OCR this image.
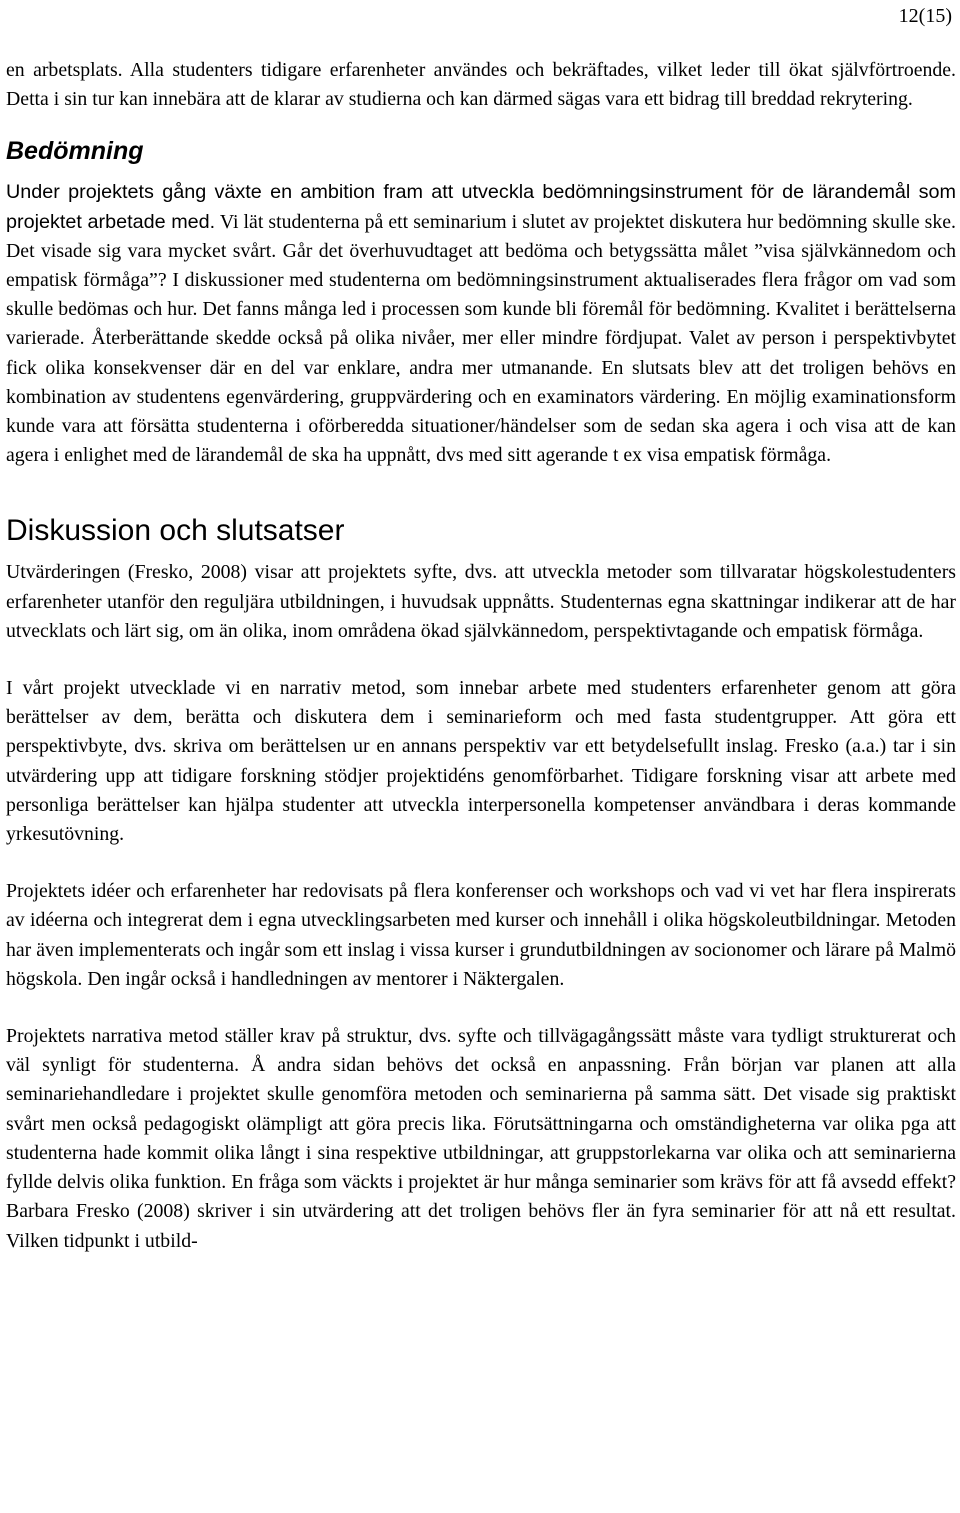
12(15)

en arbetsplats. Alla studenters tidigare erfarenheter användes och bekräftades, vilket leder till ökat självförtroende. Detta i sin tur kan innebära att de klarar av studierna och kan därmed sägas vara ett bidrag till breddad rekrytering.

Bedömning

Under projektets gång växte en ambition fram att utveckla bedömningsinstrument för de lärandemål som projektet arbetade med. Vi lät studenterna på ett seminarium i slutet av projektet diskutera hur bedömning skulle ske. Det visade sig vara mycket svårt. Går det överhuvudtaget att bedöma och betygssätta målet ”visa självkännedom och empatisk förmåga”? I diskussioner med studenterna om bedömningsinstrument aktualiserades flera frågor om vad som skulle bedömas och hur. Det fanns många led i processen som kunde bli föremål för bedömning. Kvalitet i berättelserna varierade. Återberättande skedde också på olika nivåer, mer eller mindre fördjupat. Valet av person i perspektivbytet fick olika konsekvenser där en del var enklare, andra mer utmanande. En slutsats blev att det troligen behövs en kombination av studentens egenvärdering, gruppvärdering och en examinators värdering. En möjlig examinationsform kunde vara att försätta studenterna i oförberedda situationer/händelser som de sedan ska agera i och visa att de kan agera i enlighet med de lärandemål de ska ha uppnått, dvs med sitt agerande t ex visa empatisk förmåga.

Diskussion och slutsatser

Utvärderingen (Fresko, 2008) visar att projektets syfte, dvs. att utveckla metoder som tillvaratar högskolestudenters erfarenheter utanför den reguljära utbildningen, i huvudsak uppnåtts. Studenternas egna skattningar indikerar att de har utvecklats och lärt sig, om än olika, inom områdena ökad självkännedom, perspektivtagande och empatisk förmåga.

I vårt projekt utvecklade vi en narrativ metod, som innebar arbete med studenters erfarenheter genom att göra berättelser av dem, berätta och diskutera dem i seminarieform och med fasta studentgrupper. Att göra ett perspektivbyte, dvs. skriva om berättelsen ur en annans perspektiv var ett betydelsefullt inslag. Fresko (a.a.) tar i sin utvärdering upp att tidigare forskning stödjer projektidéns genomförbarhet. Tidigare forskning visar att arbete med personliga berättelser kan hjälpa studenter att utveckla interpersonella kompetenser användbara i deras kommande yrkesutövning.

Projektets idéer och erfarenheter har redovisats på flera konferenser och workshops och vad vi vet har flera inspirerats av idéerna och integrerat dem i egna utvecklingsarbeten med kurser och innehåll i olika högskoleutbildningar. Metoden har även implementerats och ingår som ett inslag i vissa kurser i grundutbildningen av socionomer och lärare på Malmö högskola. Den ingår också i handledningen av mentorer i Näktergalen.

Projektets narrativa metod ställer krav på struktur, dvs. syfte och tillvägagångssätt måste vara tydligt strukturerat och väl synligt för studenterna. Å andra sidan behövs det också en anpassning. Från början var planen att alla seminariehandledare i projektet skulle genomföra metoden och seminarierna på samma sätt. Det visade sig praktiskt svårt men också pedagogiskt olämpligt att göra precis lika. Förutsättningarna och omständigheterna var olika pga att studenterna hade kommit olika långt i sina respektive utbildningar, att gruppstorlekarna var olika och att seminarierna fyllde delvis olika funktion. En fråga som väckts i projektet är hur många seminarier som krävs för att få avsedd effekt? Barbara Fresko (2008) skriver i sin utvärdering att det troligen behövs fler än fyra seminarier för att nå ett resultat. Vilken tidpunkt i utbild-
